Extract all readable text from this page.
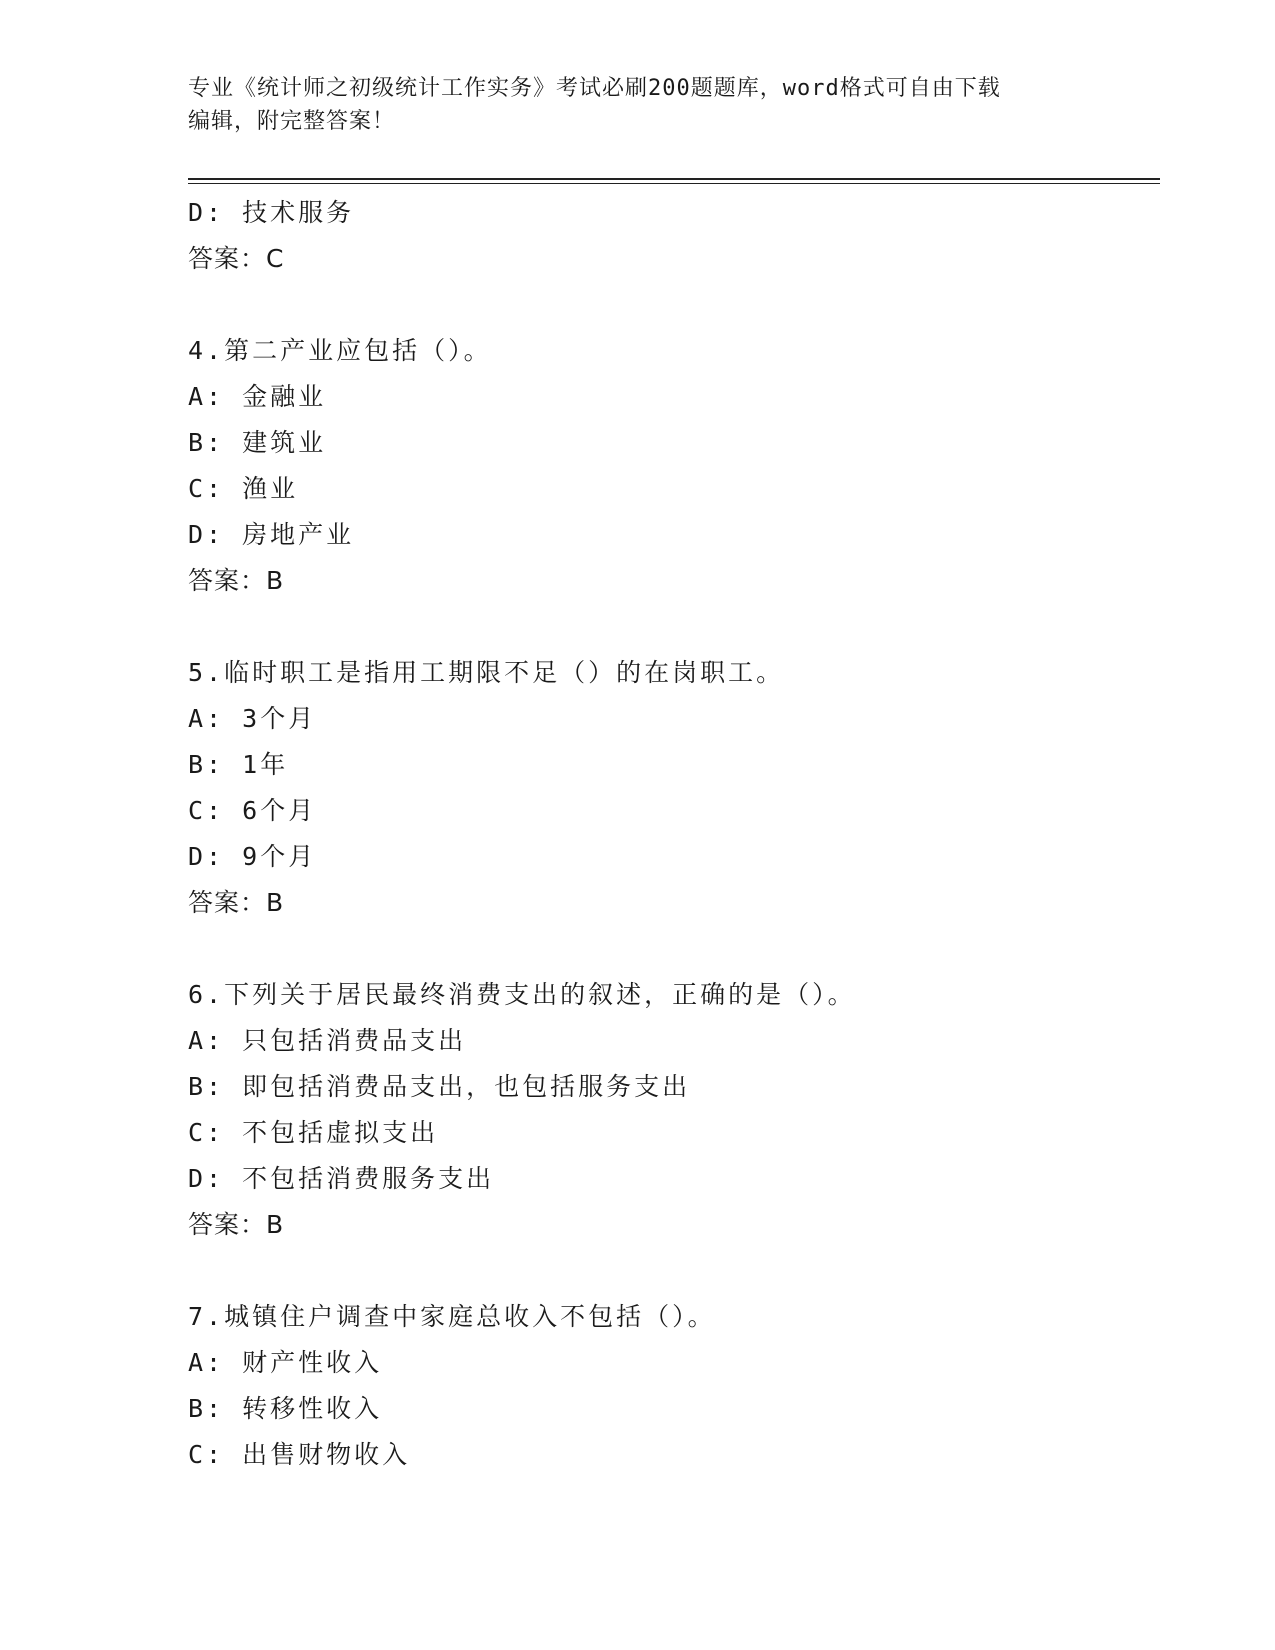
专业《统计师之初级统计工作实务》考试必刷200题题库，word格式可自由下载
编辑，附完整答案！
D: 技术服务
答案：C
4.第二产业应包括（）。
A: 金融业
B: 建筑业
C: 渔业
D: 房地产业
答案：B
5.临时职工是指用工期限不足（）的在岗职工。
A: 3个月
B: 1年
C: 6个月
D: 9个月
答案：B
6.下列关于居民最终消费支出的叙述，正确的是（）。
A: 只包括消费品支出
B: 即包括消费品支出，也包括服务支出
C: 不包括虚拟支出
D: 不包括消费服务支出
答案：B
7.城镇住户调查中家庭总收入不包括（）。
A: 财产性收入
B: 转移性收入
C: 出售财物收入
